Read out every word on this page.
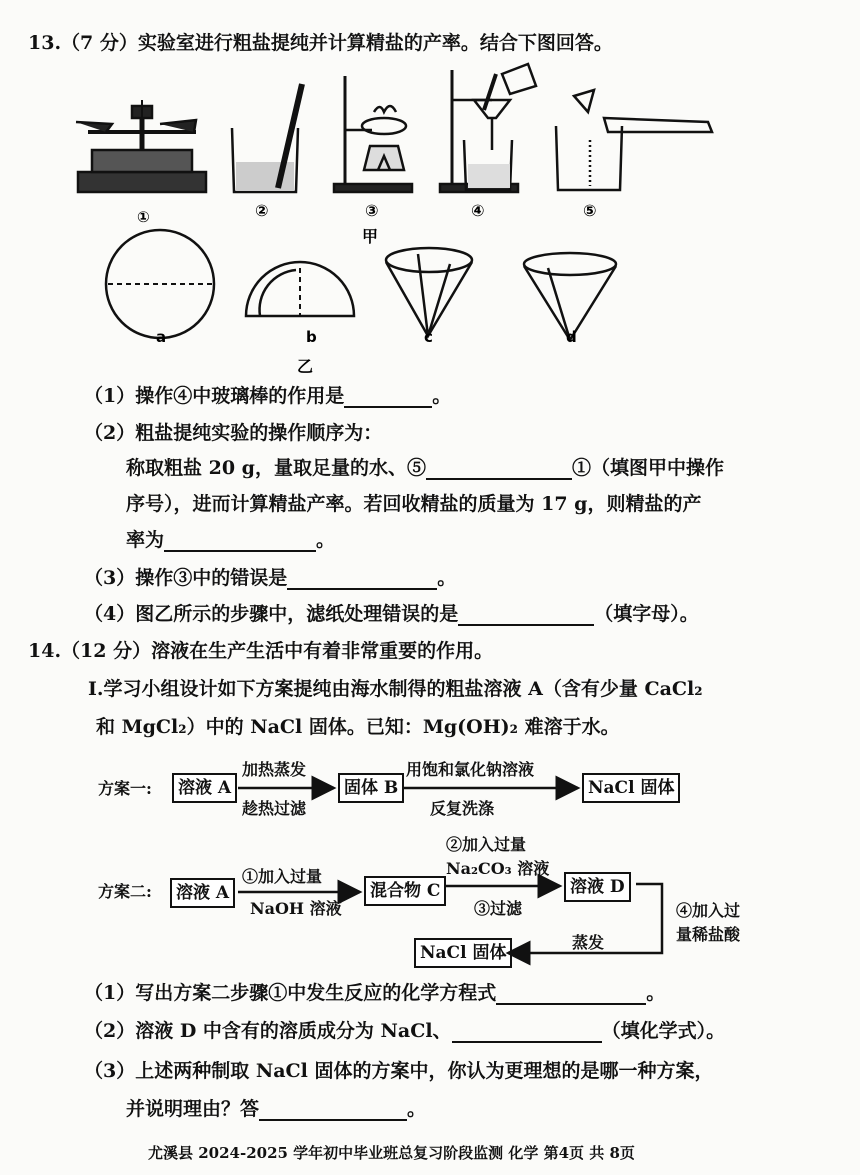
13.（7 分）实验室进行粗盐提纯并计算精盐的产率。结合下图回答。
①	②	③	④	⑤
甲
a	b	c	d
乙
（1）操作④中玻璃棒的作用是	。
（2）粗盐提纯实验的操作顺序为：
称取粗盐 20 g，量取足量的水、⑤	①（填图甲中操作
序号），进而计算精盐产率。若回收精盐的质量为 17 g，则精盐的产
率为	。
（3）操作③中的错误是	。
（4）图乙所示的步骤中，滤纸处理错误的是	（填字母）。
14.（12 分）溶液在生产生活中有着非常重要的作用。
Ⅰ.学习小组设计如下方案提纯由海水制得的粗盐溶液 A（含有少量 CaCl₂
和 MgCl₂）中的 NaCl 固体。已知：Mg(OH)₂ 难溶于水。
方案一:	溶液 A
加热蒸发
趁热过滤
固体 B
用饱和氯化钠溶液
反复洗涤
NaCl 固体
方案二:	溶液 A
①加入过量
NaOH 溶液
混合物 C
②加入过量
Na₂CO₃ 溶液
③过滤
溶液 D
④加入过
量稀盐酸
蒸发
NaCl 固体
（1）写出方案二步骤①中发生反应的化学方程式	。
（2）溶液 D 中含有的溶质成分为 NaCl、	（填化学式）。
（3）上述两种制取 NaCl 固体的方案中，你认为更理想的是哪一种方案，
并说明理由？答	。
尤溪县 2024-2025 学年初中毕业班总复习阶段监测 化学 第4页 共 8页
